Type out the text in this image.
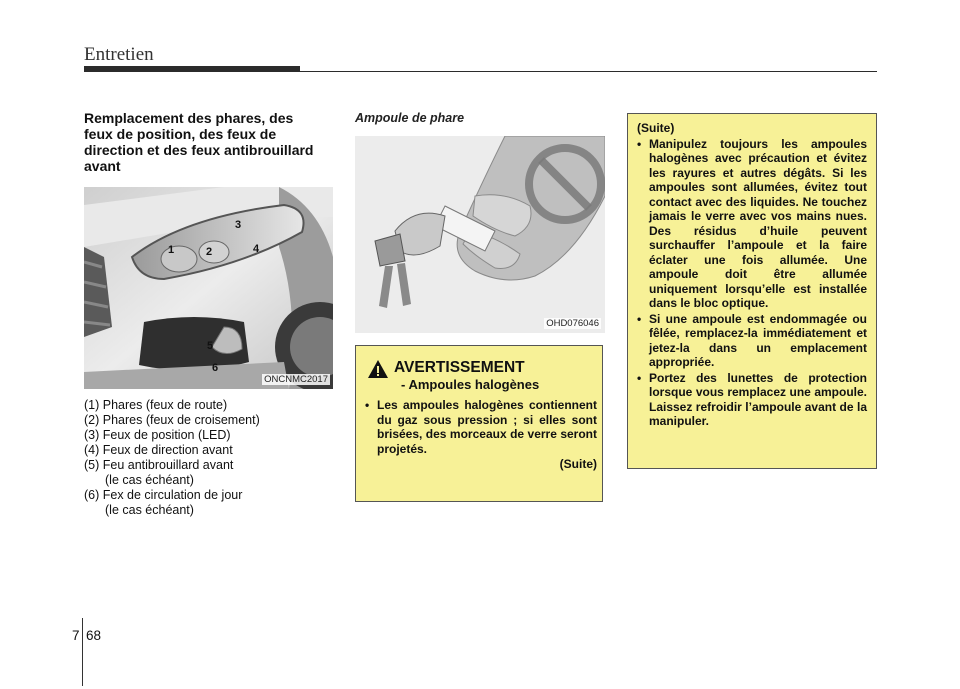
Entretien
Remplacement des phares, des feux de position, des feux de direction et des feux antibrouillard avant
1	2
3
4
5
6
ONCNMC2017
(1) Phares (feux de route)
(2) Phares (feux de croisement)
(3) Feux de position (LED)
(4) Feux de direction avant
(5) Feu antibrouillard avant
(le cas échéant)
(6) Fex de circulation de jour
(le cas échéant)
Ampoule de phare
OHD076046
AVERTISSEMENT
- Ampoules halogènes
• Les ampoules halogènes contiennent du gaz sous pression ; si elles sont brisées, des morceaux de verre seront projetés.
(Suite)
(Suite)
• Manipulez toujours les ampoules halogènes avec précaution et évitez les rayures et autres dégâts. Si les ampoules sont allumées, évitez tout contact avec des liquides. Ne touchez jamais le verre avec vos mains nues. Des résidus d’huile peuvent surchauffer l’ampoule et la faire éclater une fois allumée. Une ampoule doit être allumée uniquement lorsqu’elle est installée dans le bloc optique.
• Si une ampoule est endommagée ou fêlée, remplacez-la immédiatement et jetez-la dans un emplacement appropriée.
• Portez des lunettes de protection lorsque vous remplacez une ampoule. Laissez refroidir l’ampoule avant de la manipuler.
7 68
